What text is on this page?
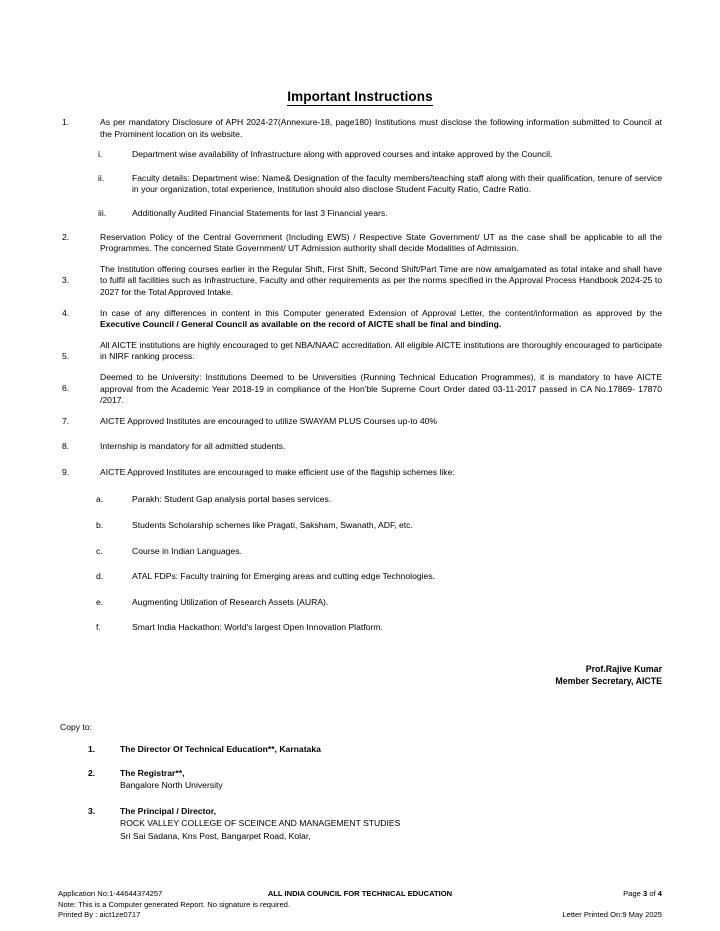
Important Instructions
1.	As per mandatory Disclosure of APH 2024-27(Annexure-18, page180) Institutions must disclose the following information submitted to Council at the Prominent location on its website.
i.	Department wise availability of Infrastructure along with approved courses and intake approved by the Council.
ii.	Faculty details: Department wise: Name& Designation of the faculty members/teaching staff along with their qualification, tenure of service in your organization, total experience, Institution should also disclose Student Faculty Ratio, Cadre Ratio.
iii.	Additionally Audited Financial Statements for last 3 Financial years.
2.	Reservation Policy of the Central Government (Including EWS) / Respective State Government/ UT as the case shall be applicable to all the Programmes. The concerned State Government/ UT Admission authority shall decide Modalities of Admission.
3.
The Institution offering courses earlier in the Regular Shift, First Shift, Second Shift/Part Time are now amalgamated as total intake and shall have to fulfil all facilities such as Infrastructure, Faculty and other requirements as per the norms specified in the Approval Process Handbook 2024-25 to 2027 for the Total Approved Intake.
4.	In case of any differences in content in this Computer generated Extension of Approval Letter, the content/information as approved by the Executive Council / General Council as available on the record of AICTE shall be final and binding.
5.
All AICTE institutions are highly encouraged to get NBA/NAAC accreditation. All eligible AICTE institutions are thoroughly encouraged to participate in NIRF ranking process.
6.
Deemed to be University: Institutions Deemed to be Universities (Running Technical Education Programmes), it is mandatory to have AICTE approval from the Academic Year 2018-19 in compliance of the Hon'ble Supreme Court Order dated 03-11-2017 passed in CA No.17869- 17870 /2017.
7.	AICTE Approved Institutes are encouraged to utilize SWAYAM PLUS Courses up-to 40%
8.	Internship is mandatory for all admitted students.
9.	AICTE Approved Institutes are encouraged to make efficient use of the flagship schemes like:
a.	Parakh: Student Gap analysis portal bases services.
b.	Students Scholarship schemes like Pragati, Saksham, Swanath, ADF, etc.
c.	Course in Indian Languages.
d.	ATAL FDPs: Faculty training for Emerging areas and cutting edge Technologies.
e.	Augmenting Utilization of Research Assets (AURA).
f.	Smart India Hackathon: World's largest Open Innovation Platform.
Prof.Rajive Kumar
Member Secretary, AICTE
Copy to:
1.	The Director Of Technical Education**, Karnataka
2.	The Registrar**,
Bangalore North University
3.	The Principal / Director,
ROCK VALLEY COLLEGE OF SCEINCE AND MANAGEMENT STUDIES
Sri Sai Sadana, Kns Post, Bangarpet Road, Kolar,
Application No:1-44644374257	ALL INDIA COUNCIL FOR TECHNICAL EDUCATION	Page 3 of 4
Note: This is a Computer generated Report. No signature is required.
Printed By : aict1ze0717	Letter Printed On:9 May 2025
